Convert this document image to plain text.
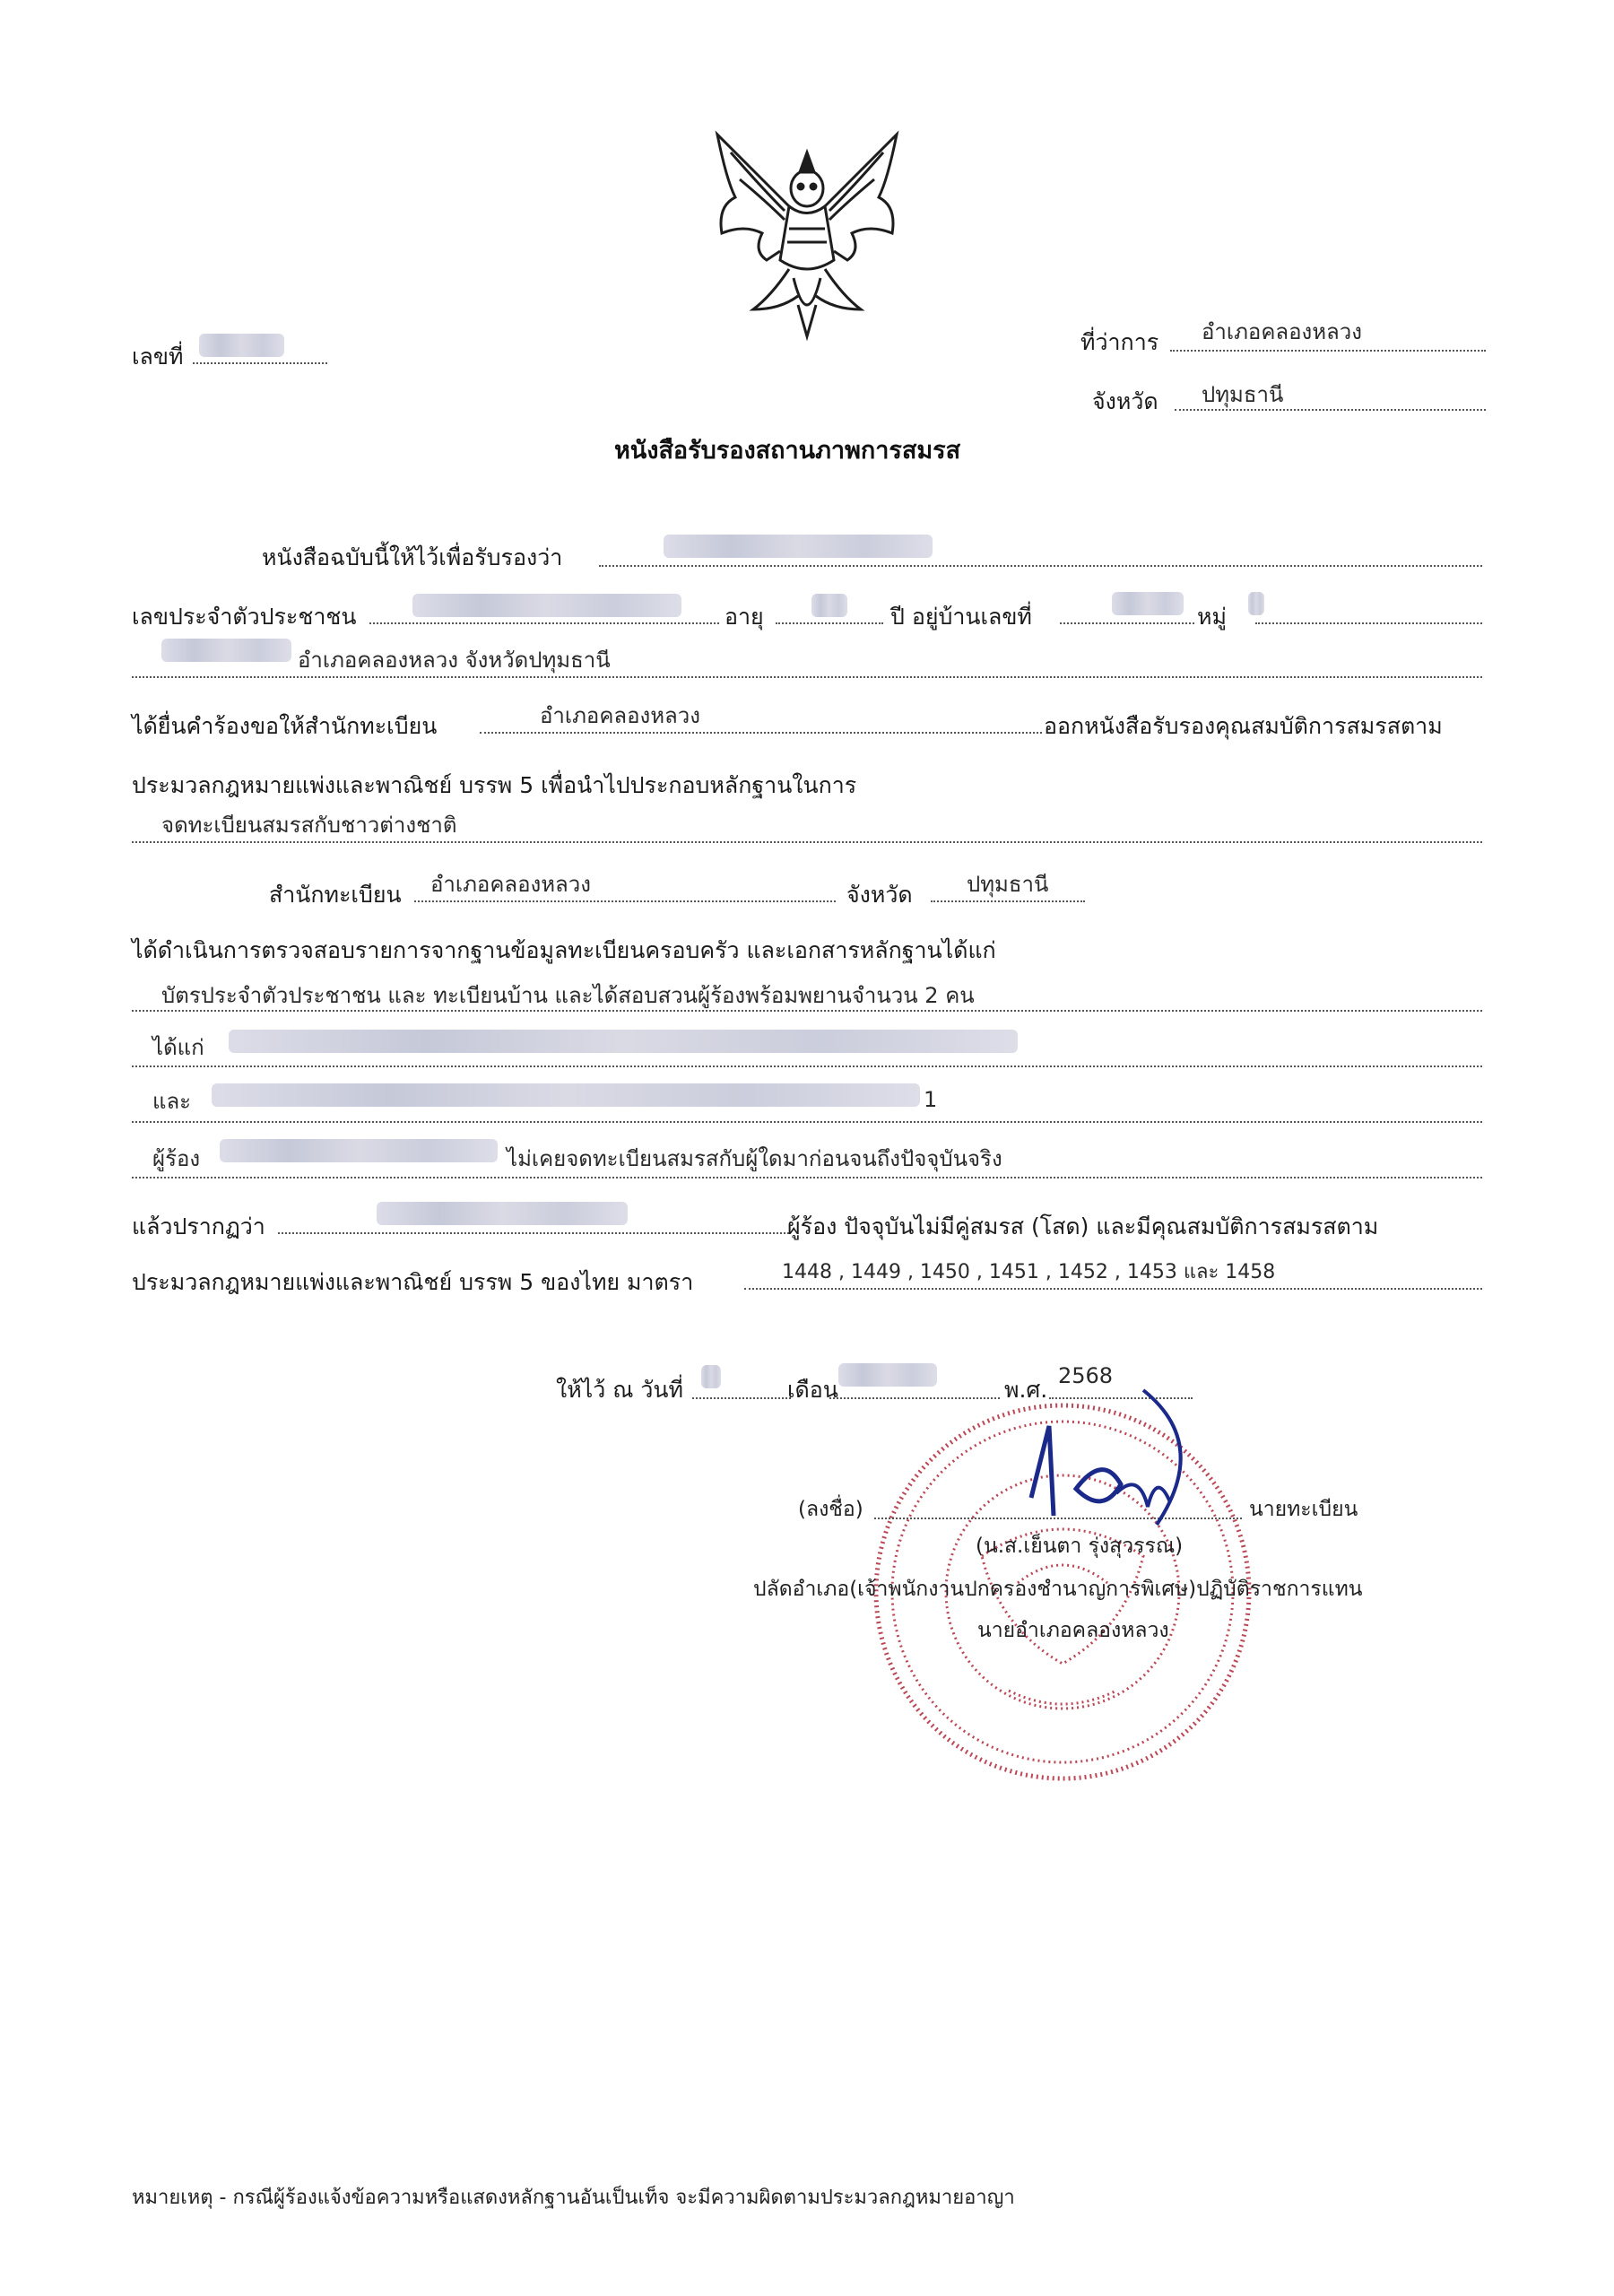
เลขที่
ที่ว่าการ อำเภอคลองหลวง
จังหวัด ปทุมธานี
หนังสือรับรองสถานภาพการสมรส
หนังสือฉบับนี้ให้ไว้เพื่อรับรองว่า
เลขประจำตัวประชาชน	อายุ	ปี อยู่บ้านเลขที่	หมู่
อำเภอคลองหลวง จังหวัดปทุมธานี
ได้ยื่นคำร้องขอให้สำนักทะเบียน	อำเภอคลองหลวง	ออกหนังสือรับรองคุณสมบัติการสมรสตาม
ประมวลกฎหมายแพ่งและพาณิชย์ บรรพ 5 เพื่อนำไปประกอบหลักฐานในการ
จดทะเบียนสมรสกับชาวต่างชาติ
สำนักทะเบียน อำเภอคลองหลวง	จังหวัด	ปทุมธานี
ได้ดำเนินการตรวจสอบรายการจากฐานข้อมูลทะเบียนครอบครัว และเอกสารหลักฐานได้แก่
บัตรประจำตัวประชาชน และ ทะเบียนบ้าน และได้สอบสวนผู้ร้องพร้อมพยานจำนวน 2 คน
ได้แก่
และ	1
ผู้ร้อง	ไม่เคยจดทะเบียนสมรสกับผู้ใดมาก่อนจนถึงปัจจุบันจริง
แล้วปรากฏว่า	ผู้ร้อง ปัจจุบันไม่มีคู่สมรส (โสด) และมีคุณสมบัติการสมรสตาม
ประมวลกฎหมายแพ่งและพาณิชย์ บรรพ 5 ของไทย มาตรา	1448 , 1449 , 1450 , 1451 , 1452 , 1453 และ 1458
ให้ไว้ ณ วันที่	เดือน	พ.ศ.
2568
(ลงชื่อ)	นายทะเบียน
(น.ส.เย็นตา รุ่งสุวรรณ)
ปลัดอำเภอ(เจ้าพนักงานปกครองชำนาญการพิเศษ)ปฏิบัติราชการแทน
นายอำเภอคลองหลวง
หมายเหตุ - กรณีผู้ร้องแจ้งข้อความหรือแสดงหลักฐานอันเป็นเท็จ จะมีความผิดตามประมวลกฎหมายอาญา
